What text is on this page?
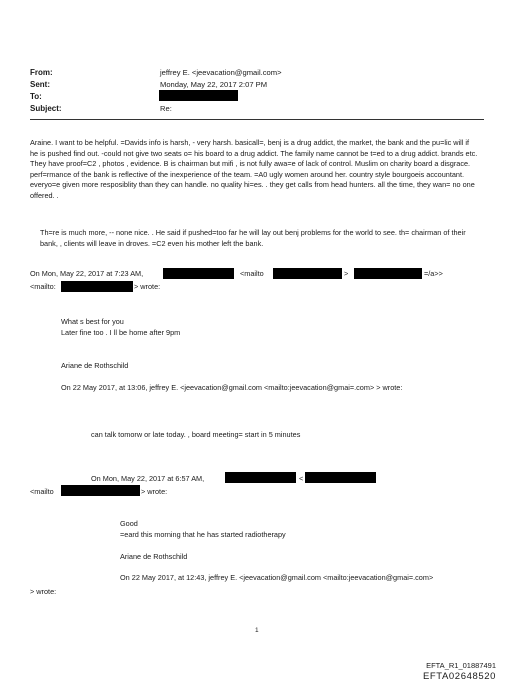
From:	jeffrey E. <jeevacation@gmail.com>
Sent:	Monday, May 22, 2017 2:07 PM
To:
Subject:	Re:
Araine. I want to be helpful. =Davids info is harsh, - very harsh. basicall=, benj is a drug addict, the market, the bank and the pu=lic will if he is pushed find out. -could not give two seats o= his board to a drug addict. The family name cannot be t=ed to a drug addict. brands etc. They have proof=C2 , photos , evidence. B is chairman but mifi , is not fully awa=e of lack of control. Muslim on charity board a disgrace. perf=rmance of the bank is reflective of the inexperience of the team. =A0 ugly women around her. country style bourgoeis accountant. everyo=e given more resposiblity than they can handle. no quality hi=es. . they get calls from head hunters. all the time, they wan= no one offered. .
Th=re is much more, -- none nice. . He said if pushed=too far he will lay out benj problems for the world to see. th= chairman of their bank, , clients will leave in droves. =C2 even his mother left the bank.
On Mon, May 22, 2017 at 7:23 AM,	<mailto	>	=/a>>
<mailto:	> wrote:
What s best for you
Later fine too . I ll be home after 9pm
Ariane de Rothschild
On 22 May 2017, at 13:06, jeffrey E. <jeevacation@gmail.com <mailto:jeevacation@gmai=.com> > wrote:
can talk tomorw or late today. , board meeting= start in 5 minutes
On Mon, May 22, 2017 at 6:57 AM,	<
<mailto	> wrote:
Good
=eard this morning that he has started radiotherapy
Ariane de Rothschild
On 22 May 2017, at 12:43, jeffrey E. <jeevacation@gmail.com <mailto:jeevacation@gmai=.com>
> wrote:
1
EFTA_R1_01887491
EFTA02648520
